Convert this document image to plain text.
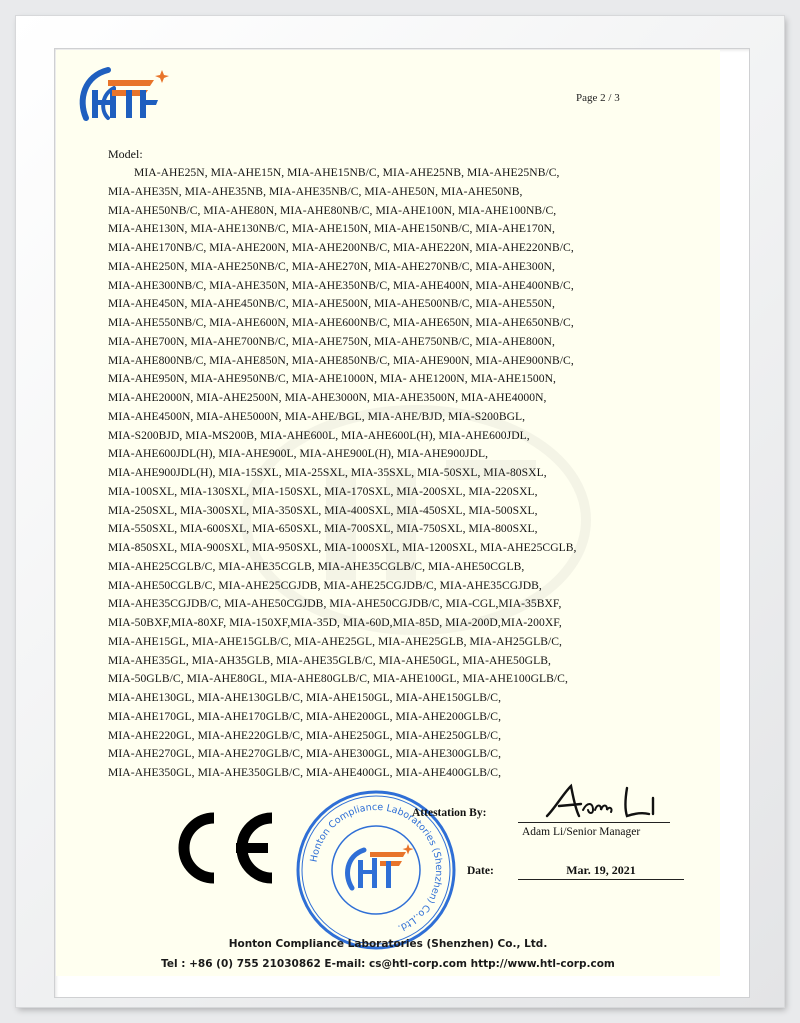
Page 2 / 3
Model:
MIA-AHE25N, MIA-AHE15N, MIA-AHE15NB/C, MIA-AHE25NB, MIA-AHE25NB/C,
MIA-AHE35N, MIA-AHE35NB, MIA-AHE35NB/C, MIA-AHE50N, MIA-AHE50NB,
MIA-AHE50NB/C, MIA-AHE80N, MIA-AHE80NB/C, MIA-AHE100N, MIA-AHE100NB/C,
MIA-AHE130N, MIA-AHE130NB/C, MIA-AHE150N, MIA-AHE150NB/C, MIA-AHE170N,
MIA-AHE170NB/C, MIA-AHE200N, MIA-AHE200NB/C, MIA-AHE220N, MIA-AHE220NB/C,
MIA-AHE250N, MIA-AHE250NB/C, MIA-AHE270N, MIA-AHE270NB/C, MIA-AHE300N,
MIA-AHE300NB/C, MIA-AHE350N, MIA-AHE350NB/C, MIA-AHE400N, MIA-AHE400NB/C,
MIA-AHE450N, MIA-AHE450NB/C, MIA-AHE500N, MIA-AHE500NB/C, MIA-AHE550N,
MIA-AHE550NB/C, MIA-AHE600N, MIA-AHE600NB/C, MIA-AHE650N, MIA-AHE650NB/C,
MIA-AHE700N, MIA-AHE700NB/C, MIA-AHE750N, MIA-AHE750NB/C, MIA-AHE800N,
MIA-AHE800NB/C, MIA-AHE850N, MIA-AHE850NB/C, MIA-AHE900N, MIA-AHE900NB/C,
MIA-AHE950N, MIA-AHE950NB/C, MIA-AHE1000N, MIA- AHE1200N, MIA-AHE1500N,
MIA-AHE2000N, MIA-AHE2500N, MIA-AHE3000N, MIA-AHE3500N, MIA-AHE4000N,
MIA-AHE4500N, MIA-AHE5000N, MIA-AHE/BGL, MIA-AHE/BJD, MIA-S200BGL,
MIA-S200BJD, MIA-MS200B, MIA-AHE600L, MIA-AHE600L(H), MIA-AHE600JDL,
MIA-AHE600JDL(H), MIA-AHE900L, MIA-AHE900L(H), MIA-AHE900JDL,
MIA-AHE900JDL(H), MIA-15SXL, MIA-25SXL, MIA-35SXL, MIA-50SXL, MIA-80SXL,
MIA-100SXL, MIA-130SXL, MIA-150SXL, MIA-170SXL, MIA-200SXL, MIA-220SXL,
MIA-250SXL, MIA-300SXL, MIA-350SXL, MIA-400SXL, MIA-450SXL, MIA-500SXL,
MIA-550SXL, MIA-600SXL, MIA-650SXL, MIA-700SXL, MIA-750SXL, MIA-800SXL,
MIA-850SXL, MIA-900SXL, MIA-950SXL, MIA-1000SXL, MIA-1200SXL, MIA-AHE25CGLB,
MIA-AHE25CGLB/C, MIA-AHE35CGLB, MIA-AHE35CGLB/C, MIA-AHE50CGLB,
MIA-AHE50CGLB/C, MIA-AHE25CGJDB, MIA-AHE25CGJDB/C, MIA-AHE35CGJDB,
MIA-AHE35CGJDB/C, MIA-AHE50CGJDB, MIA-AHE50CGJDB/C, MIA-CGL,MIA-35BXF,
MIA-50BXF,MIA-80XF, MIA-150XF,MIA-35D, MIA-60D,MIA-85D, MIA-200D,MIA-200XF,
MIA-AHE15GL, MIA-AHE15GLB/C, MIA-AHE25GL, MIA-AHE25GLB, MIA-AH25GLB/C,
MIA-AHE35GL, MIA-AH35GLB, MIA-AHE35GLB/C, MIA-AHE50GL, MIA-AHE50GLB,
MIA-50GLB/C, MIA-AHE80GL, MIA-AHE80GLB/C, MIA-AHE100GL, MIA-AHE100GLB/C,
MIA-AHE130GL, MIA-AHE130GLB/C, MIA-AHE150GL, MIA-AHE150GLB/C,
MIA-AHE170GL, MIA-AHE170GLB/C, MIA-AHE200GL, MIA-AHE200GLB/C,
MIA-AHE220GL, MIA-AHE220GLB/C, MIA-AHE250GL, MIA-AHE250GLB/C,
MIA-AHE270GL, MIA-AHE270GLB/C, MIA-AHE300GL, MIA-AHE300GLB/C,
MIA-AHE350GL, MIA-AHE350GLB/C, MIA-AHE400GL, MIA-AHE400GLB/C,
Honton Compliance Laboratories (Shenzhen) Co.,Ltd.
Attestation By:
Adam Li/Senior Manager
Date:	Mar. 19, 2021
Honton Compliance Laboratories (Shenzhen) Co., Ltd.
Tel : +86 (0) 755 21030862 E-mail: cs@htl-corp.com http://www.htl-corp.com
